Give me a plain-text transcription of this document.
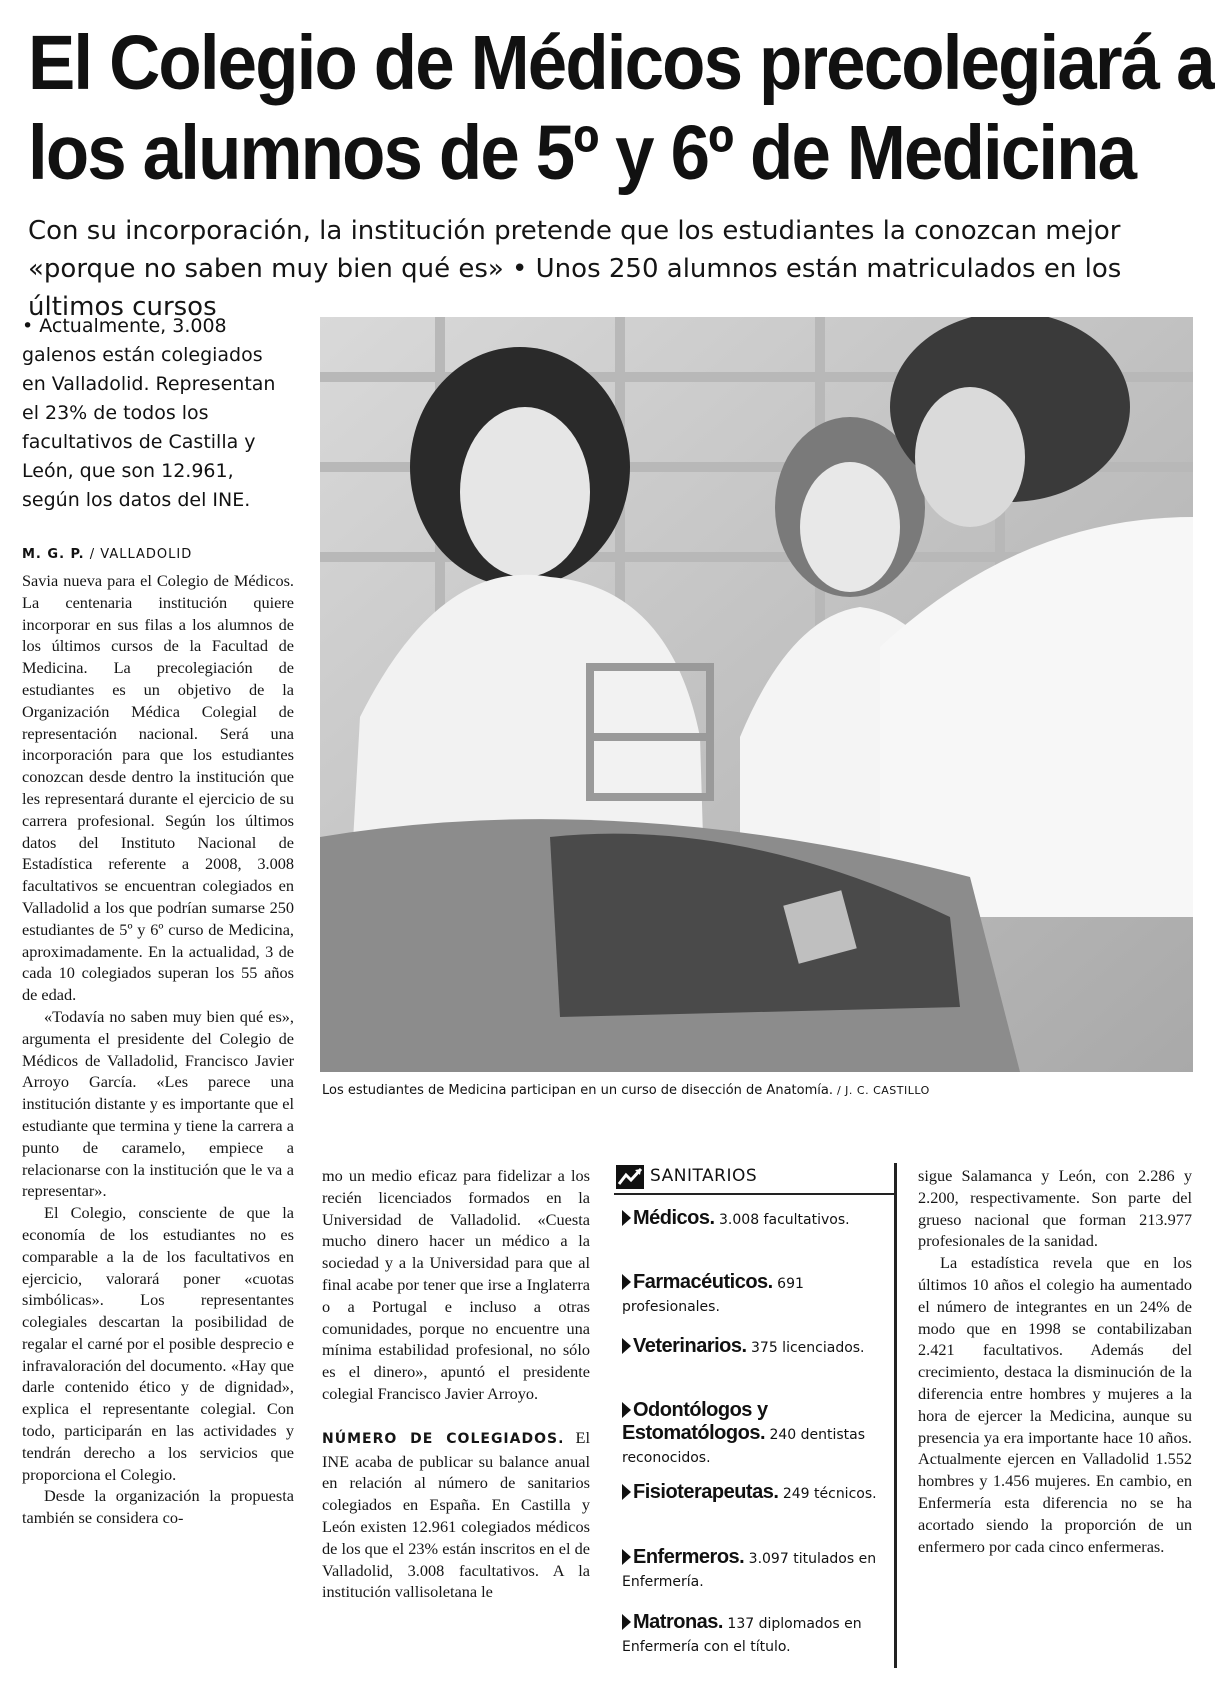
El Colegio de Médicos precolegiará a
los alumnos de 5º y 6º de Medicina
Con su incorporación, la institución pretende que los estudiantes la conozcan mejor «porque no saben muy bien qué es» • Unos 250 alumnos están matriculados en los últimos cursos
• Actualmente, 3.008 galenos están colegiados en Valladolid. Representan el 23% de todos los facultativos de Castilla y León, que son 12.961, según los datos del INE.
M. G. P. / VALLADOLID

Savia nueva para el Colegio de Médicos. La centenaria institución quiere incorporar en sus filas a los alumnos de los últimos cursos de la Facultad de Medicina. La precolegiación de estudiantes es un objetivo de la Organización Médica Colegial de representación nacional. Será una incorporación para que los estudiantes conozcan desde dentro la institución que les representará durante el ejercicio de su carrera profesional. Según los últimos datos del Instituto Nacional de Estadística referente a 2008, 3.008 facultativos se encuentran colegiados en Valladolid a los que podrían sumarse 250 estudiantes de 5º y 6º curso de Medicina, aproximadamente. En la actualidad, 3 de cada 10 colegiados superan los 55 años de edad.

«Todavía no saben muy bien qué es», argumenta el presidente del Colegio de Médicos de Valladolid, Francisco Javier Arroyo García. «Les parece una institución distante y es importante que el estudiante que termina y tiene la carrera a punto de caramelo, empiece a relacionarse con la institución que le va a representar».

El Colegio, consciente de que la economía de los estudiantes no es comparable a la de los facultativos en ejercicio, valorará poner «cuotas simbólicas». Los representantes colegiales descartan la posibilidad de regalar el carné por el posible desprecio e infravaloración del documento. «Hay que darle contenido ético y de dignidad», explica el representante colegial. Con todo, participarán en las actividades y tendrán derecho a los servicios que proporciona el Colegio.

Desde la organización la propuesta también se considera co-

Los estudiantes de Medicina participan en un curso de disección de Anatomía. / J. C. CASTILLO

mo un medio eficaz para fidelizar a los recién licenciados formados en la Universidad de Valladolid. «Cuesta mucho dinero hacer un médico a la sociedad y a la Universidad para que al final acabe por tener que irse a Inglaterra o a Portugal e incluso a otras comunidades, porque no encuentre una mínima estabilidad profesional, no sólo es el dinero», apuntó el presidente colegial Francisco Javier Arroyo.

NÚMERO DE COLEGIADOS. El INE acaba de publicar su balance anual en relación al número de sanitarios colegiados en España. En Castilla y León existen 12.961 colegiados médicos de los que el 23% están inscritos en el de Valladolid, 3.008 facultativos. A la institución vallisoletana le

SANITARIOS
Médicos. 3.008 facultativos.
Farmacéuticos. 691 profesionales.
Veterinarios. 375 licenciados.
Odontólogos y Estomatólogos. 240 dentistas reconocidos.
Fisioterapeutas. 249 técnicos.
Enfermeros. 3.097 titulados en Enfermería.
Matronas. 137 diplomados en Enfermería con el título.

sigue Salamanca y León, con 2.286 y 2.200, respectivamente. Son parte del grueso nacional que forman 213.977 profesionales de la sanidad.

La estadística revela que en los últimos 10 años el colegio ha aumentado el número de integrantes en un 24% de modo que en 1998 se contabilizaban 2.421 facultativos. Además del crecimiento, destaca la disminución de la diferencia entre hombres y mujeres a la hora de ejercer la Medicina, aunque su presencia ya era importante hace 10 años. Actualmente ejercen en Valladolid 1.552 hombres y 1.456 mujeres. En cambio, en Enfermería esta diferencia no se ha acortado siendo la proporción de un enfermero por cada cinco enfermeras.
